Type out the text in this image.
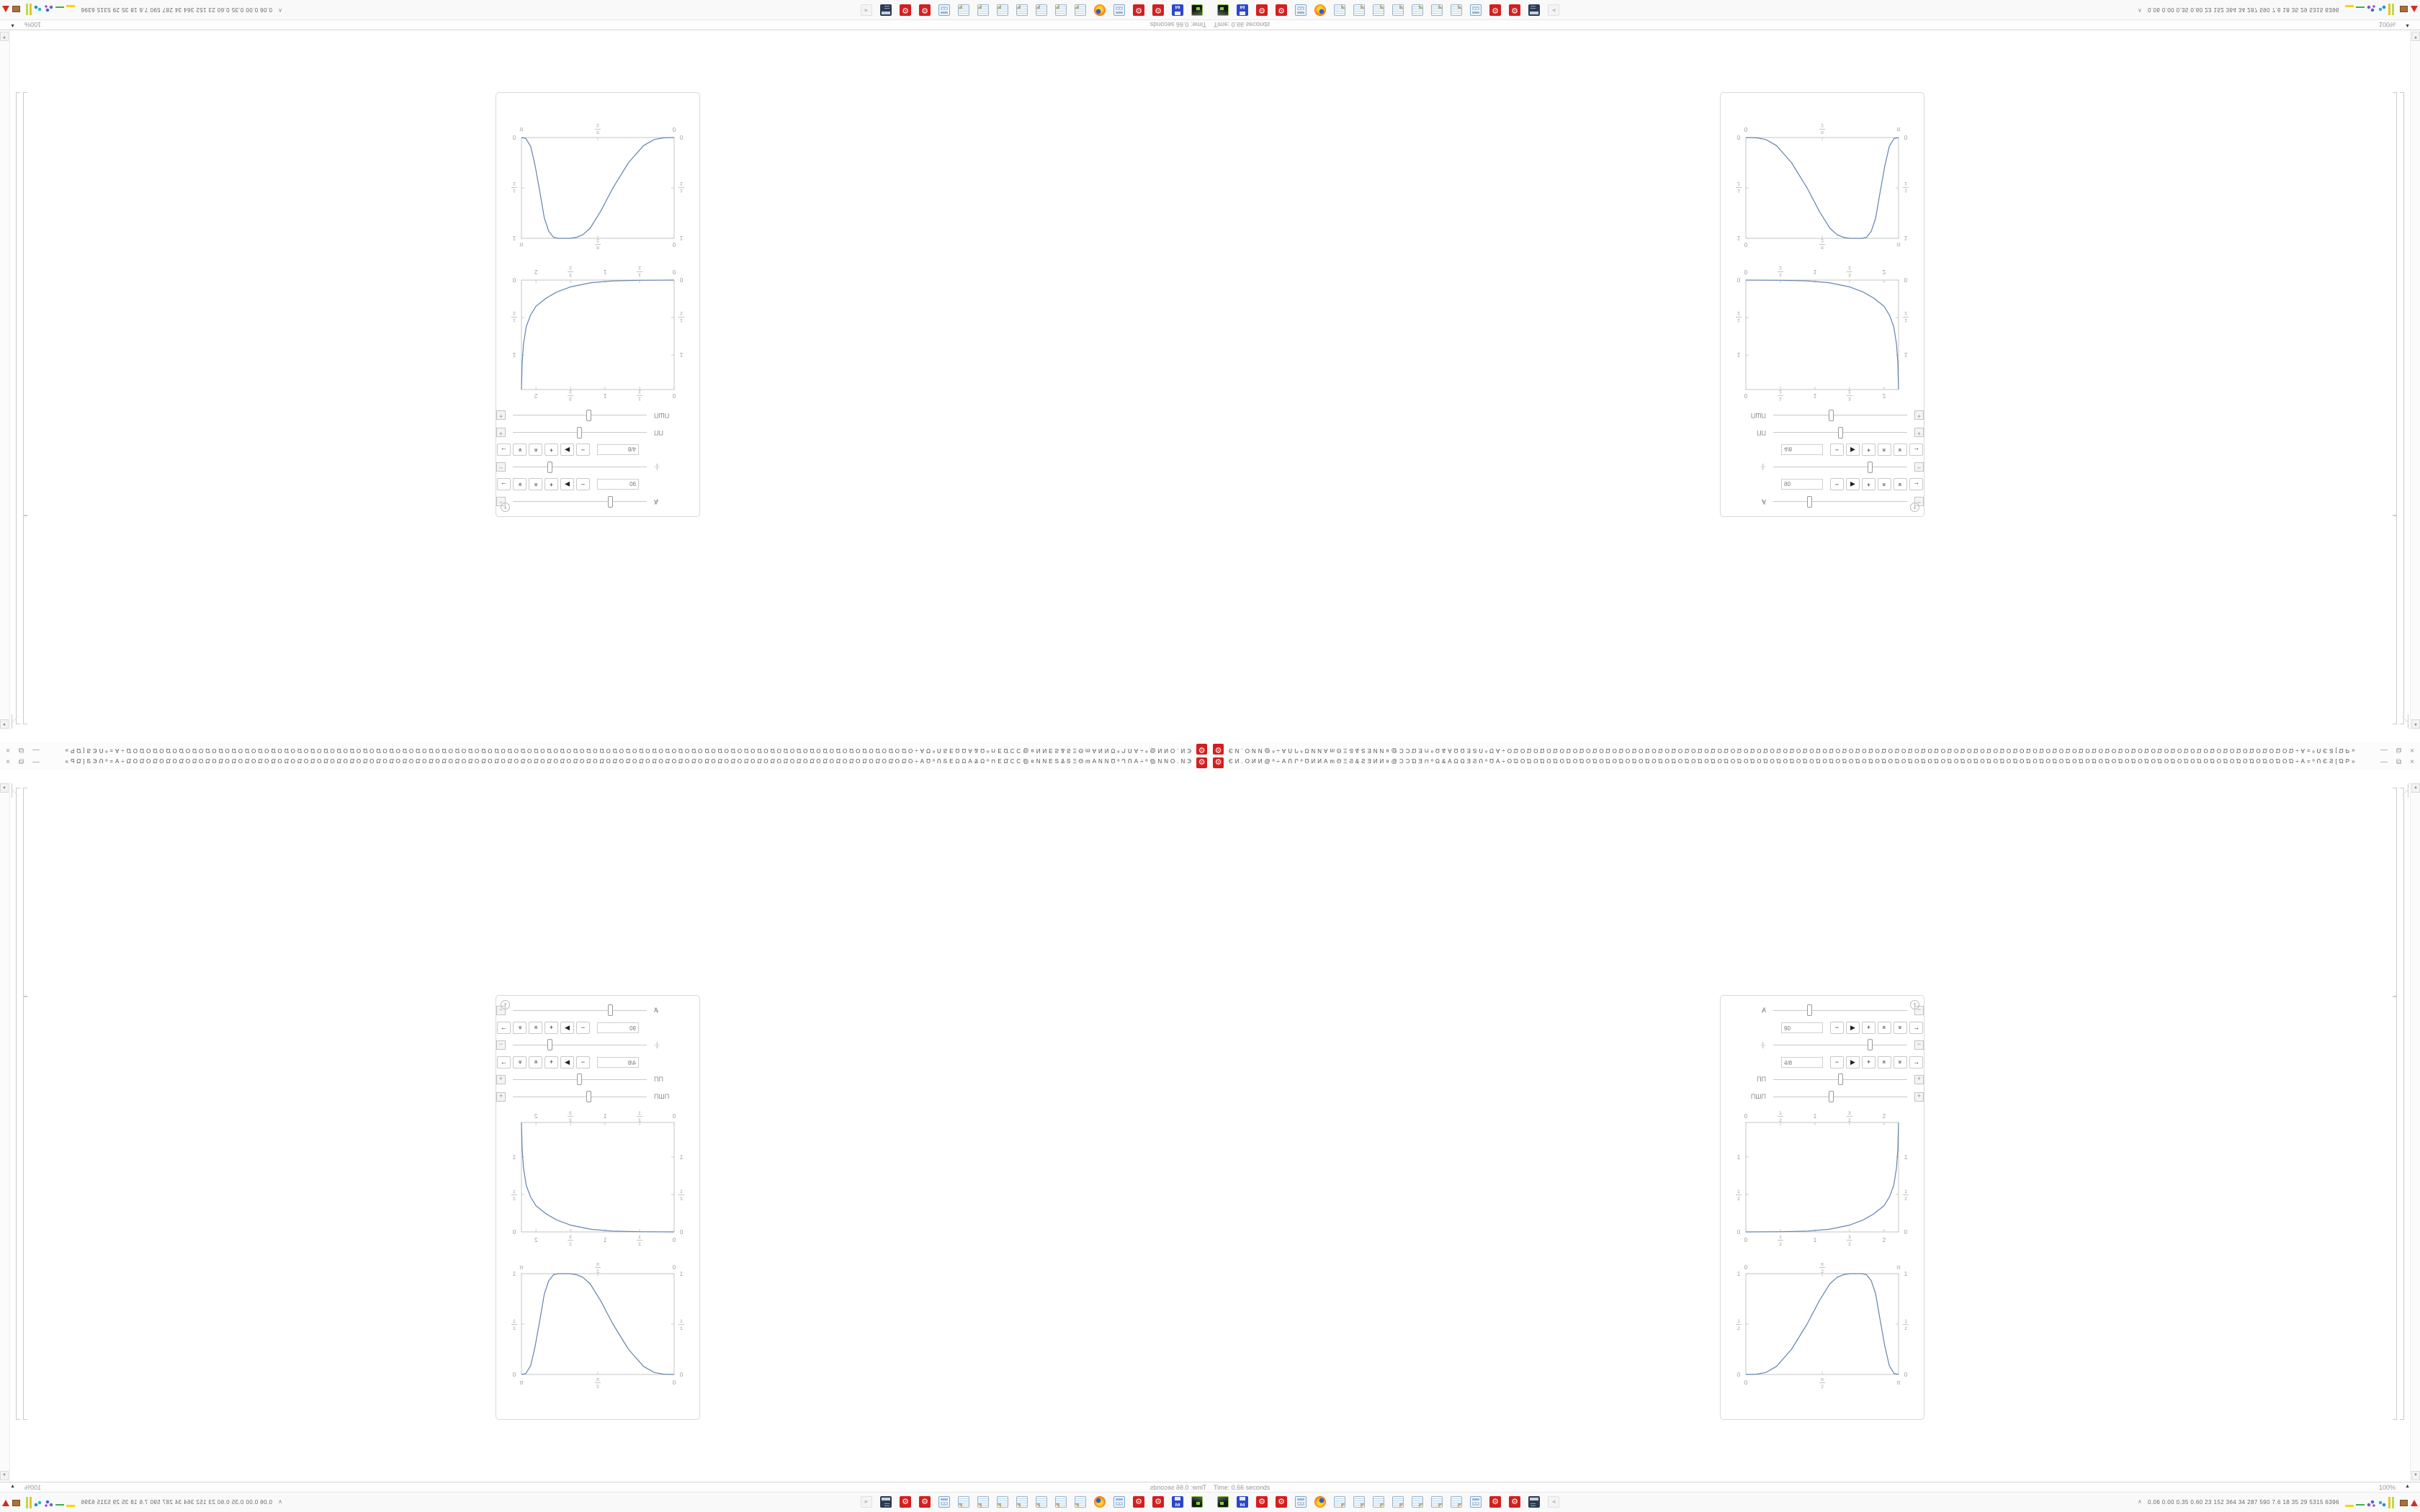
⚙
ЄИ.ОИИ@º÷ΑՈՐºƱИИΑmΘΞϨ&ƧƎИИ¤@ƆƆΏƎ⊓ºΩ&ΑΩΩƎϨՈºƱΑ÷ΟΏΟΏΟΏΟΏΟΏΟΏΟΏΟΏΟΏΟΏΟΏΟΏΟΏΟΏΟΏΟΏΟΏΟΏΟΏΟΏΟΏΟΏΟΏΟΏΟΏΟΏΟΏΟΏΟΏΟΏΟΏΟΏΟΏΟΏΟΏΟΏΟΏΟΏΟΏΟΏΟΏΟΏΟΏΟΏΟΏΟΏΟΏΟΏΟΏΟΏΟΏΟΏΟΏΟΏΟΏΟΏΟΏΟΏΟΏΟΏ÷Α=ºՈЄϨ[ΏΡ»
—
⧉
×
+
Ⱥ
−
90
−
▶
+
«
»
→
·|·
−
4/8
−
▶
+
«
»
→
ПП
+
ПШП
+
0
0
1
2
1
2
1
1
3
2
3
2
2
2
0
0
1
2
1
2
1
1
0
0
π
2
π
2
π
π
0
0
1
2
1
2
1
1
▲
▼
Time: 0.66 seconds
100%
▲
64
⚙
⚙
⚙
⚙
◄
∧
0.06 0.00 0.35 0.60 23 152 364 34 287 590 7.6 18 35 29 5315 6396
⚙	ЄИ.ОИИ@º÷ΑՈՐºƱИИΑmΘΞϨ&ƧƎИИ¤@ƆƆΏƎ⊓ºΩ&ΑΩΩƎϨՈºƱΑ÷ΟΏΟΏΟΏΟΏΟΏΟΏΟΏΟΏΟΏΟΏΟΏΟΏΟΏΟΏΟΏΟΏΟΏΟΏΟΏΟΏΟΏΟΏΟΏΟΏΟΏΟΏΟΏΟΏΟΏΟΏΟΏΟΏΟΏΟΏΟΏΟΏΟΏΟΏΟΏΟΏΟΏΟΏΟΏΟΏΟΏΟΏΟΏΟΏΟΏΟΏΟΏΟΏΟΏΟΏΟΏΟΏΟΏΟΏΟΏΟΏ÷Α=ºՈЄϨ[ΏΡ»	— ⧉ ×
+
Ⱥ	−
90	− ▶ + « » →
·|·	−
4/8	− ▶ + « » →
ПП	+
ПШП	+
0
0
1
2
1
2
1
1
3
2
3
2
2
2
0	0
1
2
1
2
1	1
0
0
π
2
π
2
π
π
0	0
1
2
1
2
1	1
▲
▼
Time: 0.66 seconds	100% ▲
64
⚙
⚙
⚙
⚙
◄
∧ 0.06 0.00 0.35 0.60 23 152 364 34 287 590 7.6 18 35 29 5315 6396
⚙
ЄИ.ОИИ@º÷ΑՈՐºƱИИΑmΘΞϨ&ƧƎИИ¤@ƆƆΏƎ⊓ºΩ&ΑΩΩƎϨՈºƱΑ÷ΟΏΟΏΟΏΟΏΟΏΟΏΟΏΟΏΟΏΟΏΟΏΟΏΟΏΟΏΟΏΟΏΟΏΟΏΟΏΟΏΟΏΟΏΟΏΟΏΟΏΟΏΟΏΟΏΟΏΟΏΟΏΟΏΟΏΟΏΟΏΟΏΟΏΟΏΟΏΟΏΟΏΟΏΟΏΟΏΟΏΟΏΟΏΟΏΟΏΟΏΟΏΟΏΟΏΟΏΟΏΟΏΟΏΟΏΟΏΟΏ÷Α=ºՈЄϨ[ΏΡ»
—
⧉
×
+
Ⱥ
−
90
−
▶
+
«
»
→
·|·
−
4/8
−
▶
+
«
»
→
ПП
+
ПШП
+
0
0
1
2
1
2
1
1
3
2
3
2
2
2
0
0
1
2
1
2
1
1
0
0
π
2
π
2
π
π
0
0
1
2
1
2
1
1
▲
▼
Time: 0.66 seconds
100%
▲
64
⚙
⚙
⚙
⚙
◄
∧
0.06 0.00 0.35 0.60 23 152 364 34 287 590 7.6 18 35 29 5315 6396
⚙	ЄИ.ОИИ@º÷ΑՈՐºƱИИΑmΘΞϨ&ƧƎИИ¤@ƆƆΏƎ⊓ºΩ&ΑΩΩƎϨՈºƱΑ÷ΟΏΟΏΟΏΟΏΟΏΟΏΟΏΟΏΟΏΟΏΟΏΟΏΟΏΟΏΟΏΟΏΟΏΟΏΟΏΟΏΟΏΟΏΟΏΟΏΟΏΟΏΟΏΟΏΟΏΟΏΟΏΟΏΟΏΟΏΟΏΟΏΟΏΟΏΟΏΟΏΟΏΟΏΟΏΟΏΟΏΟΏΟΏΟΏΟΏΟΏΟΏΟΏΟΏΟΏΟΏΟΏΟΏΟΏΟΏΟΏ÷Α=ºՈЄϨ[ΏΡ»	— ⧉ ×
+
Ⱥ	−
90	− ▶ + « » →
·|·	−
4/8	− ▶ + « » →
ПП	+
ПШП	+
0
0
1
2
1
2
1
1
3
2
3
2
2
2
0	0
1
2
1
2
1	1
0
0
π
2
π
2
π
π
0	0
1
2
1
2
1	1
▲
▼
Time: 0.66 seconds	100% ▲
64
⚙
⚙
⚙
⚙
◄
∧ 0.06 0.00 0.35 0.60 23 152 364 34 287 590 7.6 18 35 29 5315 6396
